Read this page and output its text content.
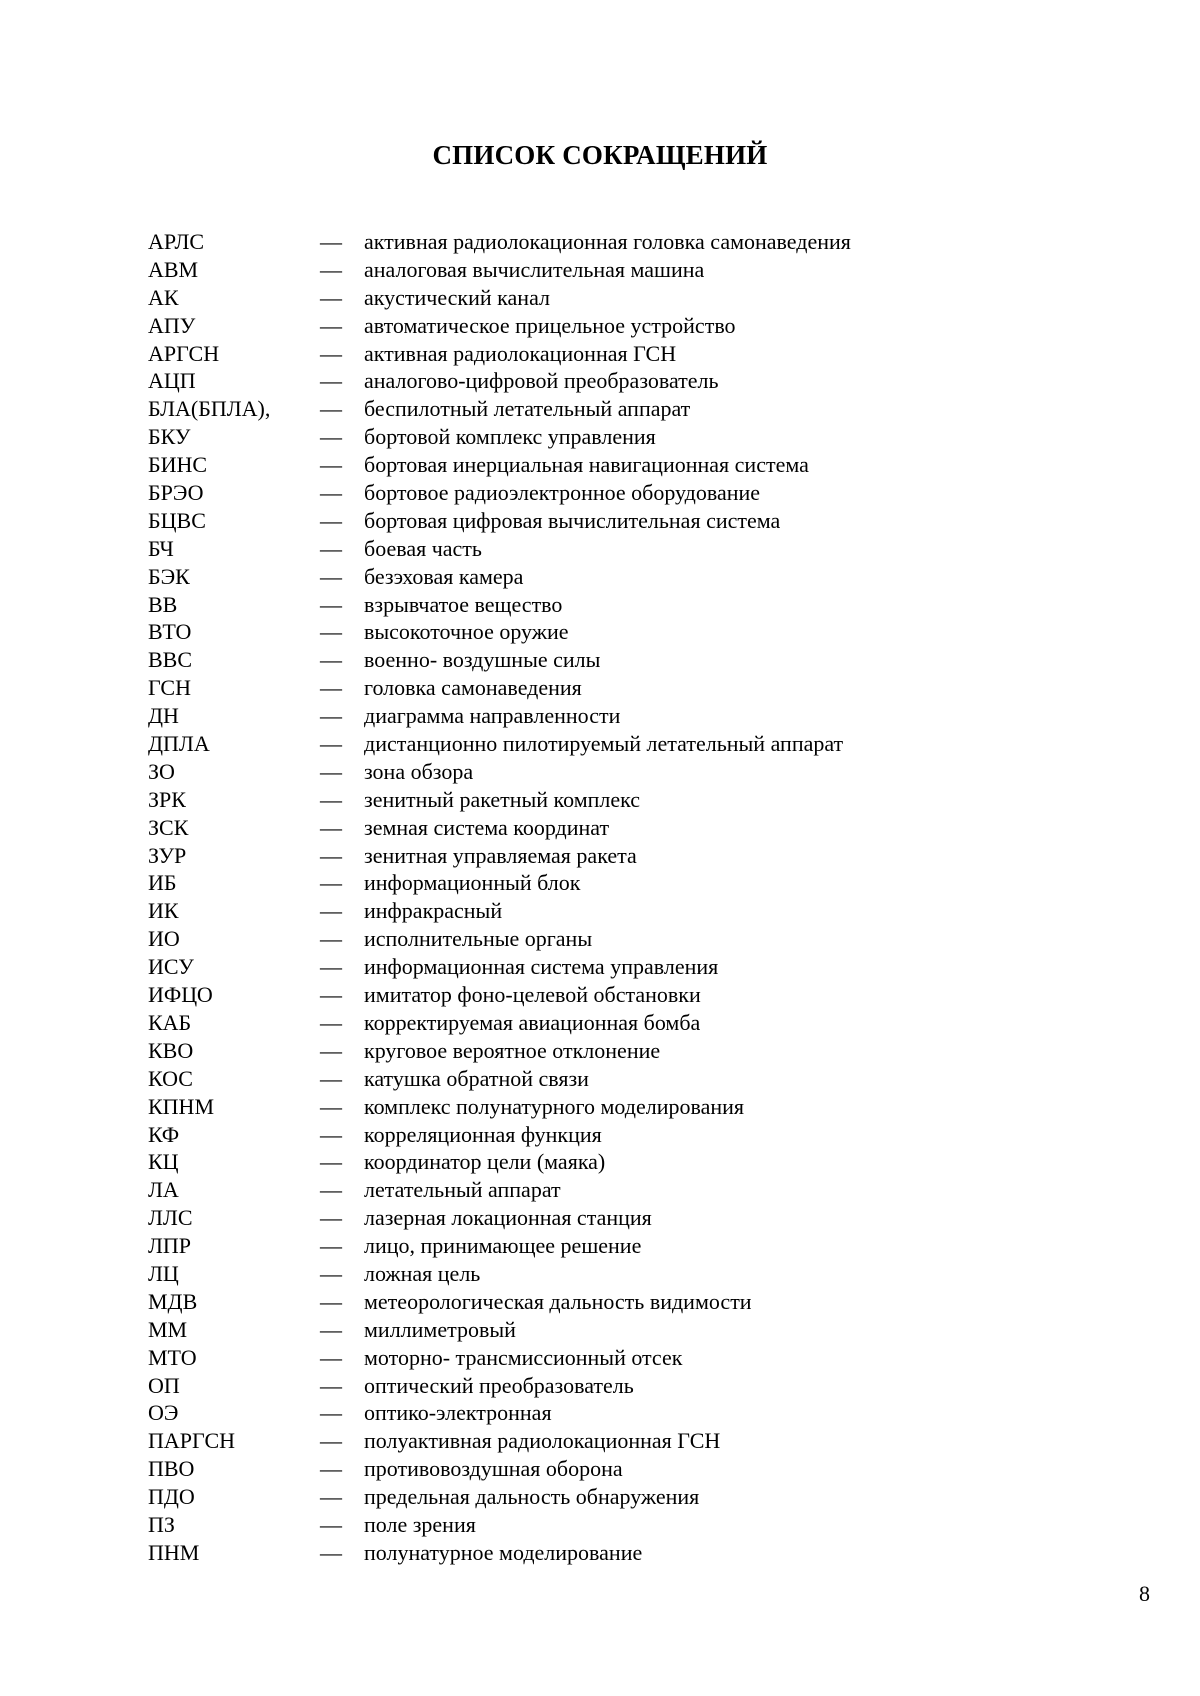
СПИСОК СОКРАЩЕНИЙ
АРЛС	— активная радиолокационная головка самонаведения
АВМ	— аналоговая вычислительная машина
АК	— акустический канал
АПУ	— автоматическое прицельное устройство
АРГСН	— активная радиолокационная ГСН
АЦП	— аналогово-цифровой преобразователь
БЛА(БПЛА), — беспилотный летательный аппарат
БКУ	— бортовой комплекс управления
БИНС	— бортовая инерциальная навигационная система
БРЭО	— бортовое радиоэлектронное оборудование
БЦВС	— бортовая цифровая вычислительная система
БЧ	— боевая часть
БЭК	— безэховая камера
ВВ	— взрывчатое вещество
ВТО	— высокоточное оружие
ВВС	— военно- воздушные силы
ГСН	— головка самонаведения
ДН	— диаграмма направленности
ДПЛА	— дистанционно пилотируемый летательный аппарат
ЗО	— зона обзора
ЗРК	— зенитный ракетный комплекс
ЗСК	— земная система координат
ЗУР	— зенитная управляемая ракета
ИБ	— информационный блок
ИК	— инфракрасный
ИО	— исполнительные органы
ИСУ	— информационная система управления
ИФЦО	— имитатор фоно-целевой обстановки
КАБ	— корректируемая авиационная бомба
КВО	— круговое вероятное отклонение
КОС	— катушка обратной связи
КПНМ	— комплекс полунатурного моделирования
КФ	— корреляционная функция
КЦ	— координатор цели (маяка)
ЛА	— летательный аппарат
ЛЛС	— лазерная локационная станция
ЛПР	— лицо, принимающее решение
ЛЦ	— ложная цель
МДВ	— метеорологическая дальность видимости
ММ	— миллиметровый
МТО	— моторно- трансмиссионный отсек
ОП	— оптический преобразователь
ОЭ	— оптико-электронная
ПАРГСН	— полуактивная радиолокационная ГСН
ПВО	— противовоздушная оборона
ПДО	— предельная дальность обнаружения
ПЗ	— поле зрения
ПНМ	— полунатурное моделирование
8
